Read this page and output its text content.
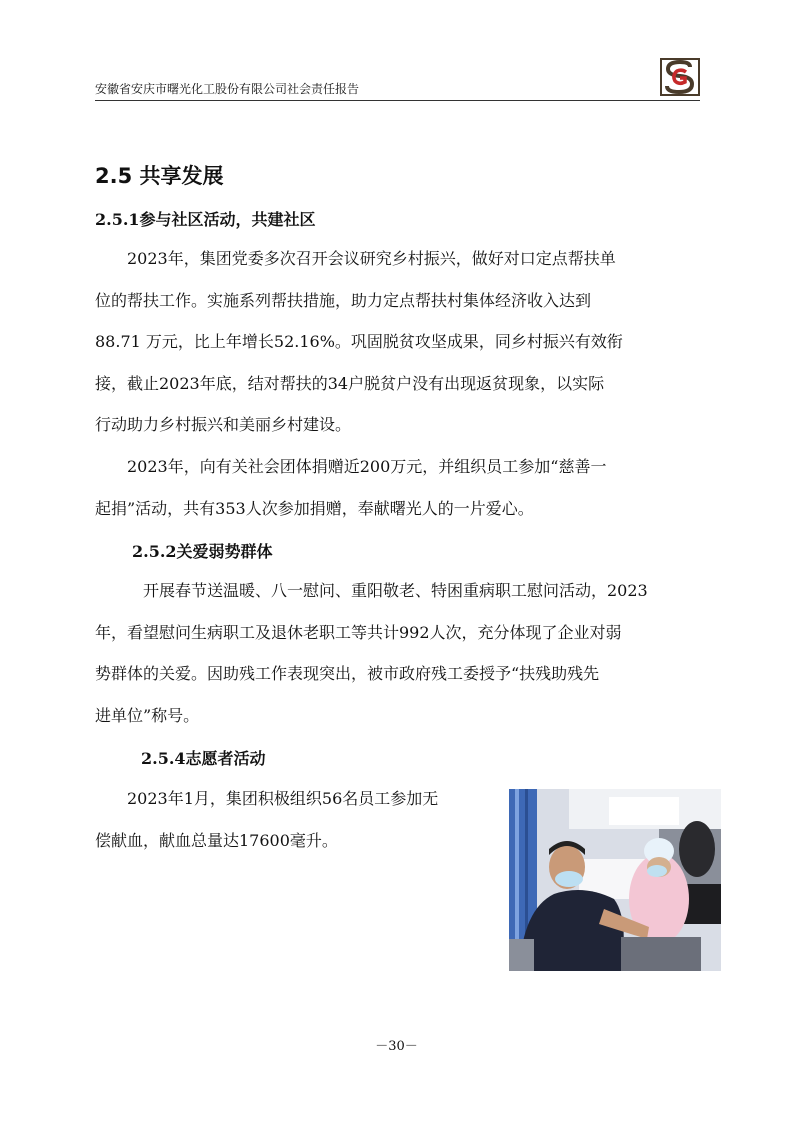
安徽省安庆市曙光化工股份有限公司社会责任报告
2.5 共享发展
2.5.1参与社区活动，共建社区
2023年，集团党委多次召开会议研究乡村振兴，做好对口定点帮扶单
位的帮扶工作。实施系列帮扶措施，助力定点帮扶村集体经济收入达到
88.71 万元，比上年增长52.16%。巩固脱贫攻坚成果，同乡村振兴有效衔
接，截止2023年底，结对帮扶的34户脱贫户没有出现返贫现象，以实际
行动助力乡村振兴和美丽乡村建设。
2023年，向有关社会团体捐赠近200万元，并组织员工参加“慈善一
起捐”活动，共有353人次参加捐赠，奉献曙光人的一片爱心。
2.5.2关爱弱势群体
开展春节送温暖、八一慰问、重阳敬老、特困重病职工慰问活动，2023
年，看望慰问生病职工及退休老职工等共计992人次，充分体现了企业对弱
势群体的关爱。因助残工作表现突出，被市政府残工委授予“扶残助残先
进单位”称号。
2.5.4志愿者活动
2023年1月，集团积极组织56名员工参加无
偿献血，献血总量达17600毫升。
－30－
